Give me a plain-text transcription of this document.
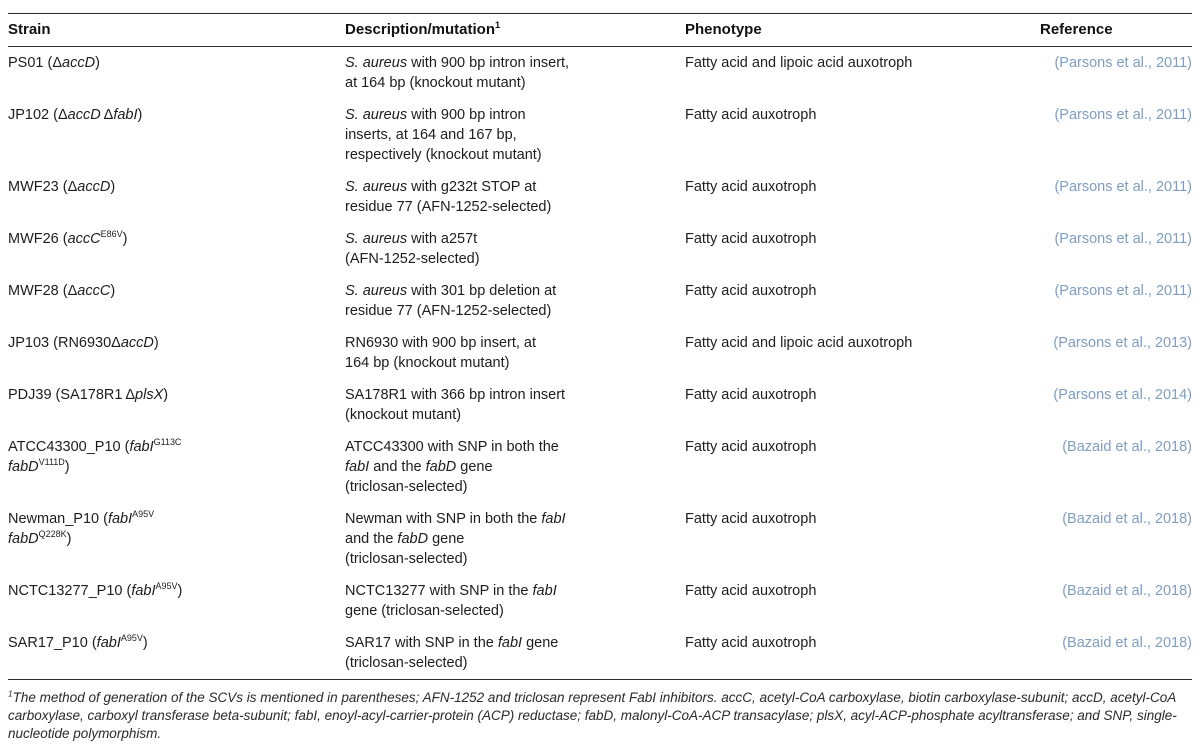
Strain	Description/mutation$^1$	Phenotype	Reference
PS01 (ΔaccD)	S. aureus with 900 bp intron insert,
at 164 bp (knockout mutant)	Fatty acid and lipoic acid auxotroph	(Parsons et al., 2011)
JP102 (ΔaccD ΔfabI)	S. aureus with 900 bp intron
inserts, at 164 and 167 bp,
respectively (knockout mutant)	Fatty acid auxotroph	(Parsons et al., 2011)
MWF23 (ΔaccD)	S. aureus with g232t STOP at
residue 77 (AFN-1252-selected)	Fatty acid auxotroph	(Parsons et al., 2011)
MWF26 (accC$^{E86V}$)	S. aureus with a257t
(AFN-1252-selected)	Fatty acid auxotroph	(Parsons et al., 2011)
MWF28 (ΔaccC)	S. aureus with 301 bp deletion at
residue 77 (AFN-1252-selected)	Fatty acid auxotroph	(Parsons et al., 2011)
JP103 (RN6930ΔaccD)	RN6930 with 900 bp insert, at
164 bp (knockout mutant)	Fatty acid and lipoic acid auxotroph	(Parsons et al., 2013)
PDJ39 (SA178R1 ΔplsX)	SA178R1 with 366 bp intron insert
(knockout mutant)	Fatty acid auxotroph	(Parsons et al., 2014)
ATCC43300_P10 (fabI$^{G113C}$
fabD$^{V111D}$)	ATCC43300 with SNP in both the
fabI and the fabD gene
(triclosan-selected)	Fatty acid auxotroph	(Bazaid et al., 2018)
Newman_P10 (fabI$^{A95V}$
fabD$^{Q228K}$)	Newman with SNP in both the fabI
and the fabD gene
(triclosan-selected)	Fatty acid auxotroph	(Bazaid et al., 2018)
NCTC13277_P10 (fabI$^{A95V}$)	NCTC13277 with SNP in the fabI
gene (triclosan-selected)	Fatty acid auxotroph	(Bazaid et al., 2018)
SAR17_P10 (fabI$^{A95V}$)	SAR17 with SNP in the fabI gene
(triclosan-selected)	Fatty acid auxotroph	(Bazaid et al., 2018)
$^1$The method of generation of the SCVs is mentioned in parentheses; AFN-1252 and triclosan represent FabI inhibitors. accC, acetyl-CoA carboxylase, biotin carboxylase-subunit; accD, acetyl-CoA carboxylase, carboxyl transferase beta-subunit; fabI, enoyl-acyl-carrier-protein (ACP) reductase; fabD, malonyl-CoA-ACP transacylase; plsX, acyl-ACP-phosphate acyltransferase; and SNP, single-nucleotide polymorphism.
